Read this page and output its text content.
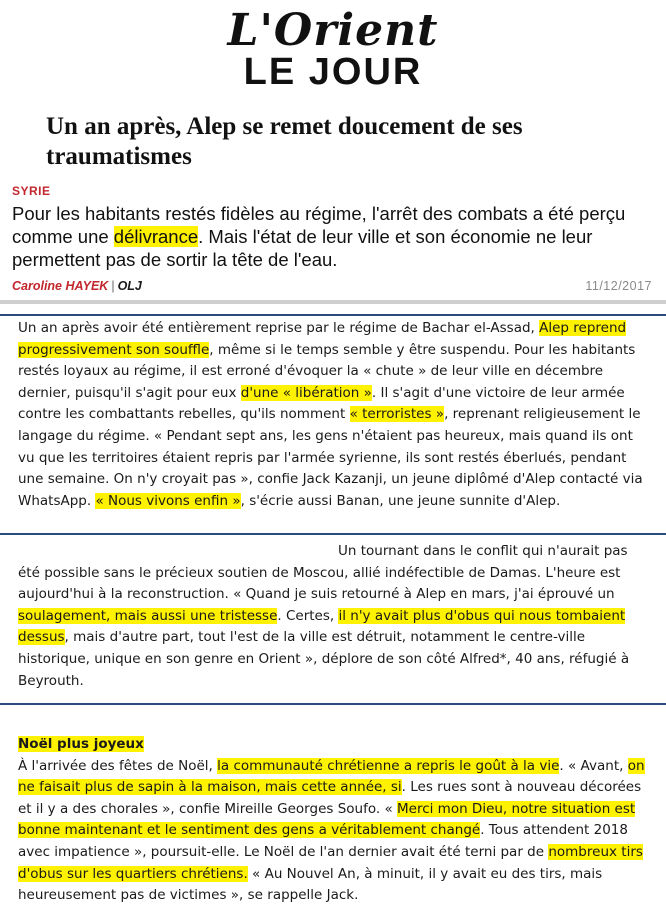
L'Orient
LE JOUR
Un an après, Alep se remet doucement de ses traumatismes
SYRIE

Pour les habitants restés fidèles au régime, l'arrêt des combats a été perçu comme une délivrance. Mais l'état de leur ville et son économie ne leur permettent pas de sortir la tête de l'eau.

Caroline HAYEK | OLJ	11/12/2017

Un an après avoir été entièrement reprise par le régime de Bachar el-Assad, Alep reprend progressivement son souffle, même si le temps semble y être suspendu. Pour les habitants restés loyaux au régime, il est erroné d'évoquer la « chute » de leur ville en décembre dernier, puisqu'il s'agit pour eux d'une « libération ». Il s'agit d'une victoire de leur armée contre les combattants rebelles, qu'ils nomment « terroristes », reprenant religieusement le langage du régime. « Pendant sept ans, les gens n'étaient pas heureux, mais quand ils ont vu que les territoires étaient repris par l'armée syrienne, ils sont restés éberlués, pendant une semaine. On n'y croyait pas », confie Jack Kazanji, un jeune diplômé d'Alep contacté via WhatsApp. « Nous vivons enfin », s'écrie aussi Banan, une jeune sunnite d'Alep.

Un tournant dans le conflit qui n'aurait pas été possible sans le précieux soutien de Moscou, allié indéfectible de Damas. L'heure est aujourd'hui à la reconstruction. « Quand je suis retourné à Alep en mars, j'ai éprouvé un soulagement, mais aussi une tristesse. Certes, il n'y avait plus d'obus qui nous tombaient dessus, mais d'autre part, tout l'est de la ville est détruit, notamment le centre-ville historique, unique en son genre en Orient », déplore de son côté Alfred*, 40 ans, réfugié à Beyrouth.

Noël plus joyeux
À l'arrivée des fêtes de Noël, la communauté chrétienne a repris le goût à la vie. « Avant, on ne faisait plus de sapin à la maison, mais cette année, si. Les rues sont à nouveau décorées et il y a des chorales », confie Mireille Georges Soufo. « Merci mon Dieu, notre situation est bonne maintenant et le sentiment des gens a véritablement changé. Tous attendent 2018 avec impatience », poursuit-elle. Le Noël de l'an dernier avait été terni par de nombreux tirs d'obus sur les quartiers chrétiens. « Au Nouvel An, à minuit, il y avait eu des tirs, mais heureusement pas de victimes », se rappelle Jack.
